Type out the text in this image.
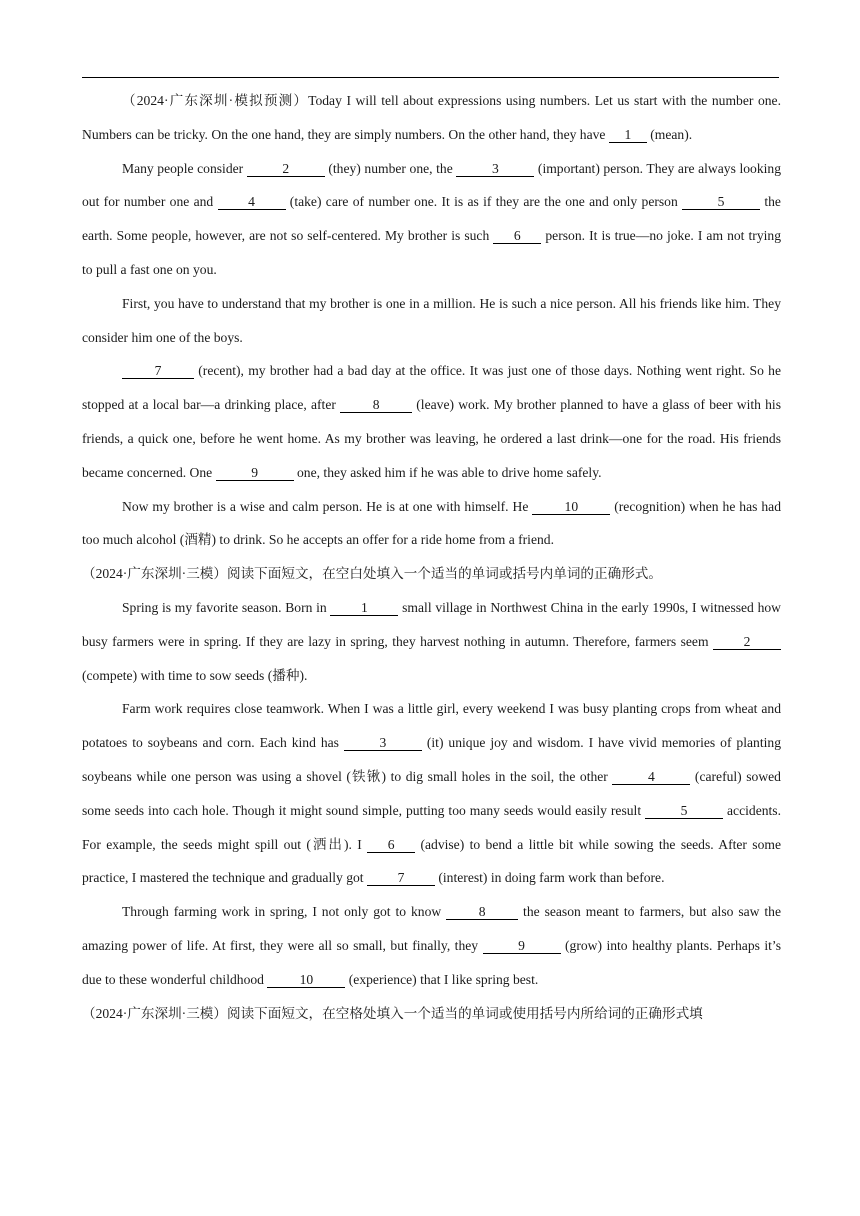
（2024·广东深圳·模拟预测）Today I will tell about expressions using numbers. Let us start with the number one. Numbers can be tricky. On the one hand, they are simply numbers. On the other hand, they have 1 (mean).

Many people consider	2	(they) number one, the	3	(important) person. They are always looking out for number one and 4 (take) care of number one. It is as if they are the one and only person	5	the earth. Some people, however, are not so self-centered. My brother is such 6 person. It is true—no joke. I am not trying to pull a fast one on you.

First, you have to understand that my brother is one in a million. He is such a nice person. All his friends like him. They consider him one of the boys.

7 (recent), my brother had a bad day at the office. It was just one of those days. Nothing went right. So he stopped at a local bar—a drinking place, after 8 (leave) work. My brother planned to have a glass of beer with his friends, a quick one, before he went home. As my brother was leaving, he ordered a last drink—one for the road. His friends became concerned. One	9	one, they asked him if he was able to drive home safely.

Now my brother is a wise and calm person. He is at one with himself. He 10 (recognition) when he has had too much alcohol (酒精) to drink. So he accepts an offer for a ride home from a friend.

（2024·广东深圳·三模）阅读下面短文，在空白处填入一个适当的单词或括号内单词的正确形式。

Spring is my favorite season. Born in 1 small village in Northwest China in the early 1990s, I witnessed how busy farmers were in spring. If they are lazy in spring, they harvest nothing in autumn. Therefore, farmers seem 2 (compete) with time to sow seeds (播种).

Farm work requires close teamwork. When I was a little girl, every weekend I was busy planting crops from wheat and potatoes to soybeans and corn. Each kind has	3	(it) unique joy and wisdom. I have vivid memories of planting soybeans while one person was using a shovel (铁锹) to dig small holes in the soil, the other	4	(careful) sowed some seeds into cach hole. Though it might sound simple, putting too many seeds would easily result	5	accidents. For example, the seeds might spill out (洒出). I 6 (advise) to bend a little bit while sowing the seeds. After some practice, I mastered the technique and gradually got 7 (interest) in doing farm work than before.

Through farming work in spring, I not only got to know 8 the season meant to farmers, but also saw the amazing power of life. At first, they were all so small, but finally, they	9	(grow) into healthy plants. Perhaps it’s due to these wonderful childhood 10 (experience) that I like spring best.

（2024·广东深圳·三模）阅读下面短文，在空格处填入一个适当的单词或使用括号内所给词的正确形式填
